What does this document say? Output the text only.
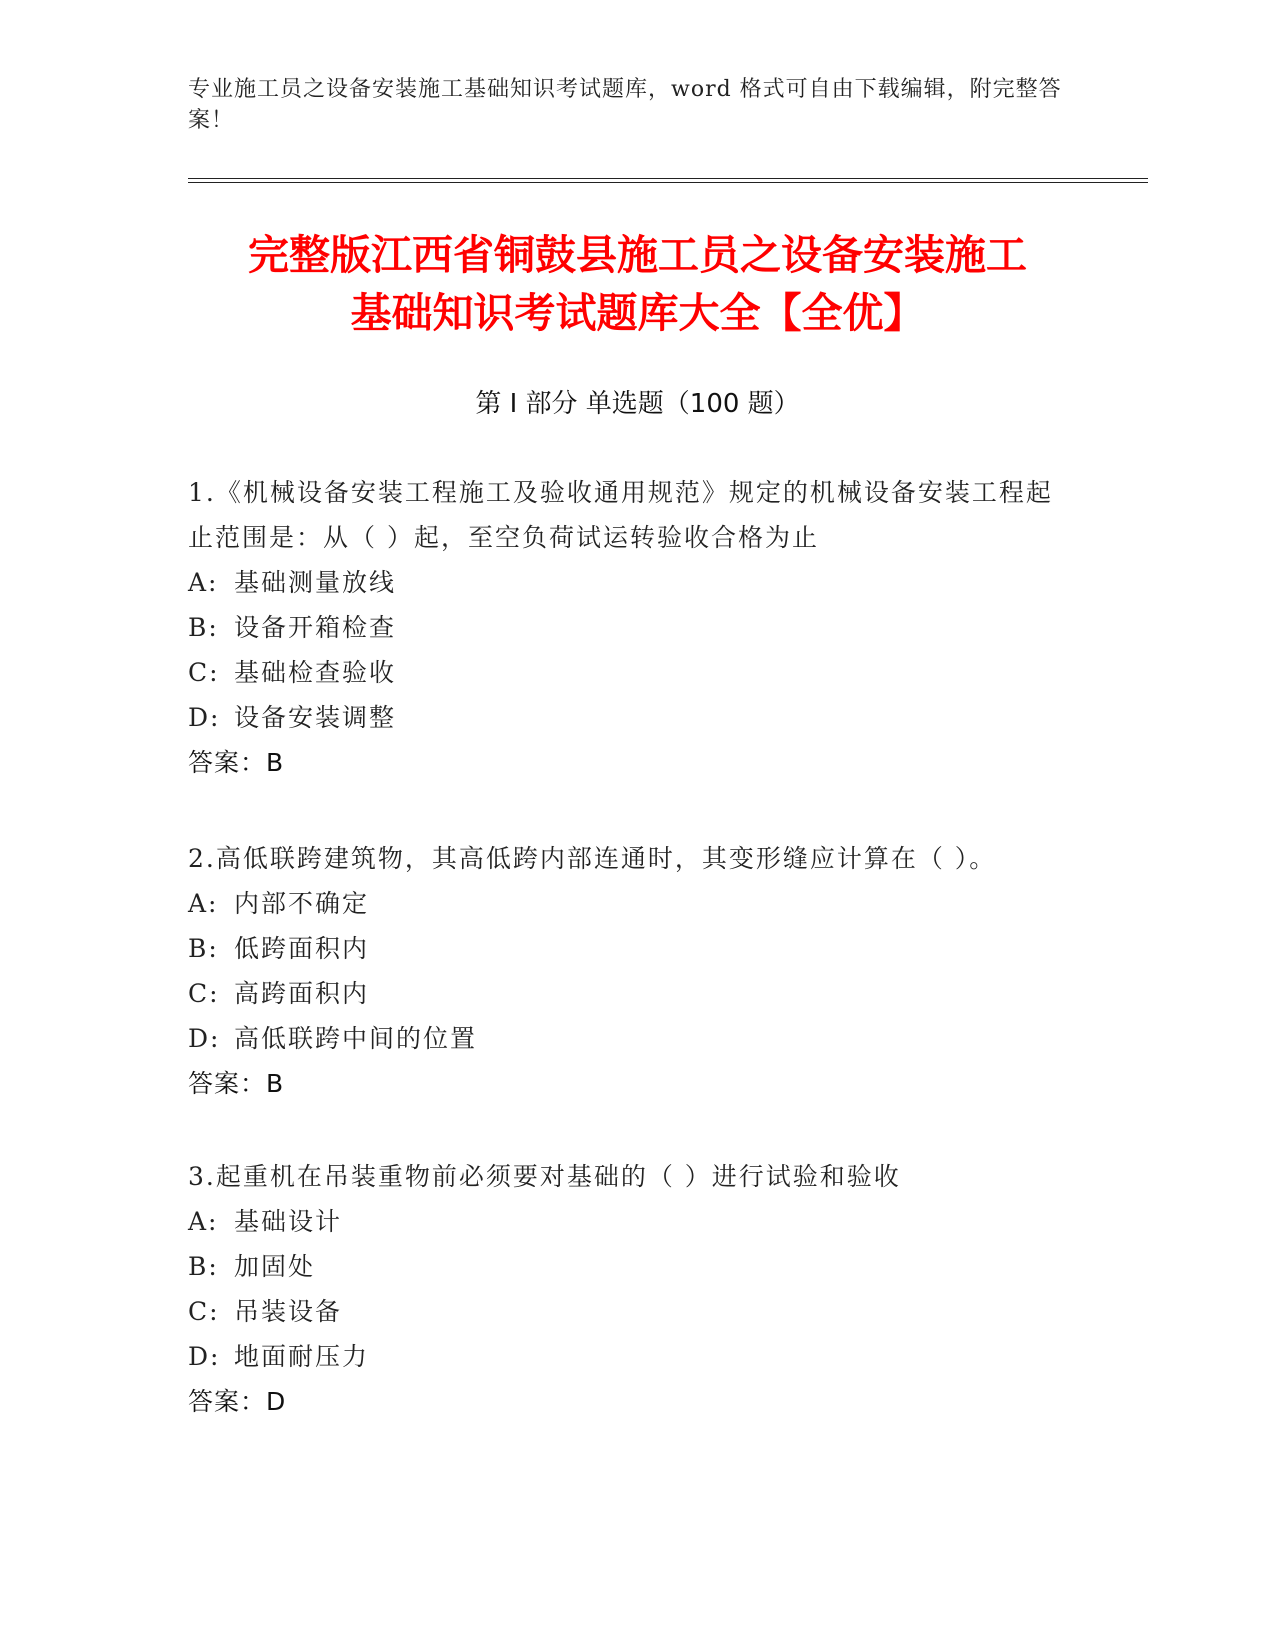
专业施工员之设备安装施工基础知识考试题库，word 格式可自由下载编辑，附完整答案！
完整版江西省铜鼓县施工员之设备安装施工
基础知识考试题库大全【全优】
第 I 部分 单选题（100 题）

1.《机械设备安装工程施工及验收通用规范》规定的机械设备安装工程起止范围是：从（ ）起，至空负荷试运转验收合格为止

A: 基础测量放线

B: 设备开箱检查

C: 基础检查验收

D: 设备安装调整

答案：B

2.高低联跨建筑物，其高低跨内部连通时，其变形缝应计算在（ ）。

A: 内部不确定

B: 低跨面积内

C: 高跨面积内

D: 高低联跨中间的位置

答案：B

3.起重机在吊装重物前必须要对基础的（ ）进行试验和验收

A: 基础设计

B: 加固处

C: 吊装设备

D: 地面耐压力

答案：D
